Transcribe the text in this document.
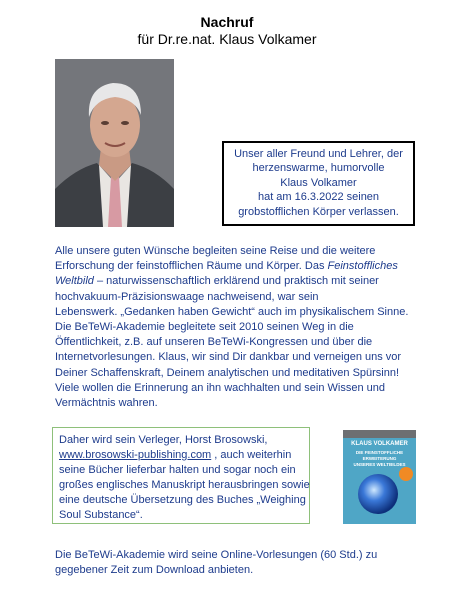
Nachruf
für Dr.re.nat. Klaus Volkamer
Unser aller Freund und Lehrer, der
herzenswarme, humorvolle
Klaus Volkamer
hat am 16.3.2022 seinen
grobstofflichen Körper verlassen.
Alle unsere guten Wünsche begleiten seine Reise und die weitere
Erforschung der feinstofflichen Räume und Körper. Das Feinstoffliches
Weltbild – naturwissenschaftlich erklärend und praktisch mit seiner
hochvakuum-Präzisionswaage nachweisend, war sein
Lebenswerk. „Gedanken haben Gewicht“ auch im physikalischem Sinne.
Die BeTeWi-Akademie begleitete seit 2010 seinen Weg in die
Öffentlichkeit, z.B. auf unseren BeTeWi-Kongressen und über die
Internetvorlesungen. Klaus, wir sind Dir dankbar und verneigen uns vor
Deiner Schaffenskraft, Deinem analytischen und meditativen Spürsinn!
Viele wollen die Erinnerung an ihn wachhalten und sein Wissen und
Vermächtnis wahren.
Daher wird sein Verleger, Horst Brosowski,
www.brosowski-publishing.com , auch weiterhin
seine Bücher lieferbar halten und sogar noch ein
großes englisches Manuskript herausbringen sowie
eine deutsche Übersetzung des Buches „Weighing
Soul Substance“.
KLAUS VOLKAMER
DIE FEINSTOFFLICHE
ERWEITERUNG
UNSERES WELTBILDES
Die BeTeWi-Akademie wird seine Online-Vorlesungen (60 Std.) zu
gegebener Zeit zum Download anbieten.
